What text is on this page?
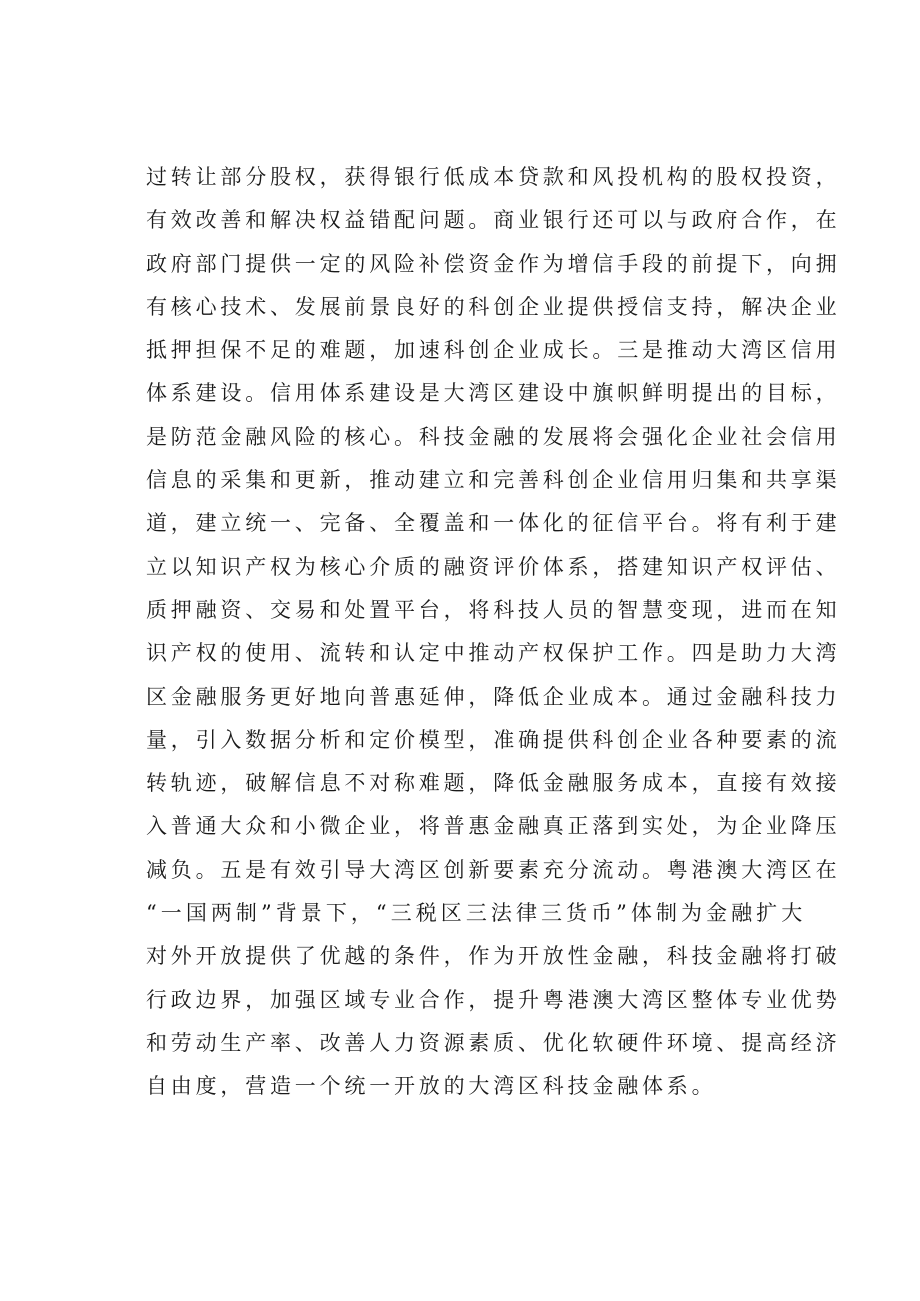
过转让部分股权，获得银行低成本贷款和风投机构的股权投资，
有效改善和解决权益错配问题。商业银行还可以与政府合作，在
政府部门提供一定的风险补偿资金作为增信手段的前提下，向拥
有核心技术、发展前景良好的科创企业提供授信支持，解决企业
抵押担保不足的难题，加速科创企业成长。三是推动大湾区信用
体系建设。信用体系建设是大湾区建设中旗帜鲜明提出的目标，
是防范金融风险的核心。科技金融的发展将会强化企业社会信用
信息的采集和更新，推动建立和完善科创企业信用归集和共享渠
道，建立统一、完备、全覆盖和一体化的征信平台。将有利于建
立以知识产权为核心介质的融资评价体系，搭建知识产权评估、
质押融资、交易和处置平台，将科技人员的智慧变现，进而在知
识产权的使用、流转和认定中推动产权保护工作。四是助力大湾
区金融服务更好地向普惠延伸，降低企业成本。通过金融科技力
量，引入数据分析和定价模型，准确提供科创企业各种要素的流
转轨迹，破解信息不对称难题，降低金融服务成本，直接有效接
入普通大众和小微企业，将普惠金融真正落到实处，为企业降压
减负。五是有效引导大湾区创新要素充分流动。粤港澳大湾区在
“一国两制”背景下，“三税区三法律三货币”体制为金融扩大
对外开放提供了优越的条件，作为开放性金融，科技金融将打破
行政边界，加强区域专业合作，提升粤港澳大湾区整体专业优势
和劳动生产率、改善人力资源素质、优化软硬件环境、提高经济
自由度，营造一个统一开放的大湾区科技金融体系。
